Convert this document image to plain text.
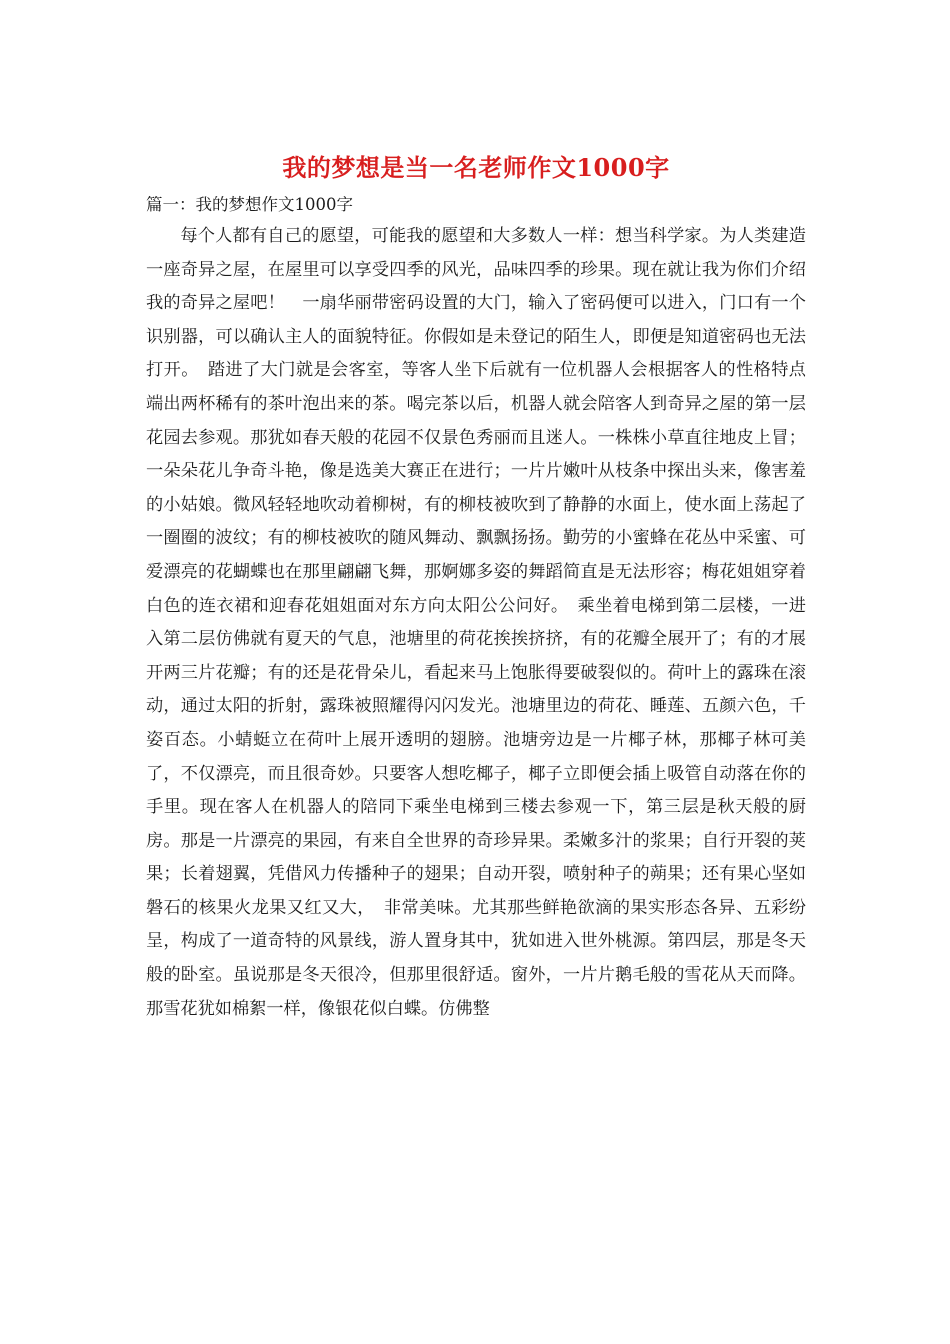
我的梦想是当一名老师作文1000字

篇一：我的梦想作文1000字

每个人都有自己的愿望，可能我的愿望和大多数人一样：想当科学家。为人类建造一座奇异之屋，在屋里可以享受四季的风光，品味四季的珍果。现在就让我为你们介绍我的奇异之屋吧！　一扇华丽带密码设置的大门，输入了密码便可以进入，门口有一个识别器，可以确认主人的面貌特征。你假如是未登记的陌生人，即便是知道密码也无法打开。　踏进了大门就是会客室，等客人坐下后就有一位机器人会根据客人的性格特点端出两杯稀有的茶叶泡出来的茶。喝完茶以后，机器人就会陪客人到奇异之屋的第一层花园去参观。那犹如春天般的花园不仅景色秀丽而且迷人。一株株小草直往地皮上冒；一朵朵花儿争奇斗艳，像是选美大赛正在进行；一片片嫩叶从枝条中探出头来，像害羞的小姑娘。微风轻轻地吹动着柳树，有的柳枝被吹到了静静的水面上，使水面上荡起了一圈圈的波纹；有的柳枝被吹的随风舞动、飘飘扬扬。勤劳的小蜜蜂在花丛中采蜜、可爱漂亮的花蝴蝶也在那里翩翩飞舞，那婀娜多姿的舞蹈简直是无法形容；梅花姐姐穿着白色的连衣裙和迎春花姐姐面对东方向太阳公公问好。　乘坐着电梯到第二层楼，一进入第二层仿佛就有夏天的气息，池塘里的荷花挨挨挤挤，有的花瓣全展开了；有的才展开两三片花瓣；有的还是花骨朵儿，看起来马上饱胀得要破裂似的。荷叶上的露珠在滚动，通过太阳的折射，露珠被照耀得闪闪发光。池塘里边的荷花、睡莲、五颜六色，千姿百态。小蜻蜓立在荷叶上展开透明的翅膀。池塘旁边是一片椰子林，那椰子林可美了，不仅漂亮，而且很奇妙。只要客人想吃椰子，椰子立即便会插上吸管自动落在你的手里。现在客人在机器人的陪同下乘坐电梯到三楼去参观一下，第三层是秋天般的厨房。那是一片漂亮的果园，有来自全世界的奇珍异果。柔嫩多汁的浆果；自行开裂的荚果；长着翅翼，凭借风力传播种子的翅果；自动开裂，喷射种子的蒴果；还有果心坚如磐石的核果火龙果又红又大，　非常美味。尤其那些鲜艳欲滴的果实形态各异、五彩纷呈，构成了一道奇特的风景线，游人置身其中，犹如进入世外桃源。第四层，那是冬天般的卧室。虽说那是冬天很冷，但那里很舒适。窗外，一片片鹅毛般的雪花从天而降。那雪花犹如棉絮一样，像银花似白蝶。仿佛整
